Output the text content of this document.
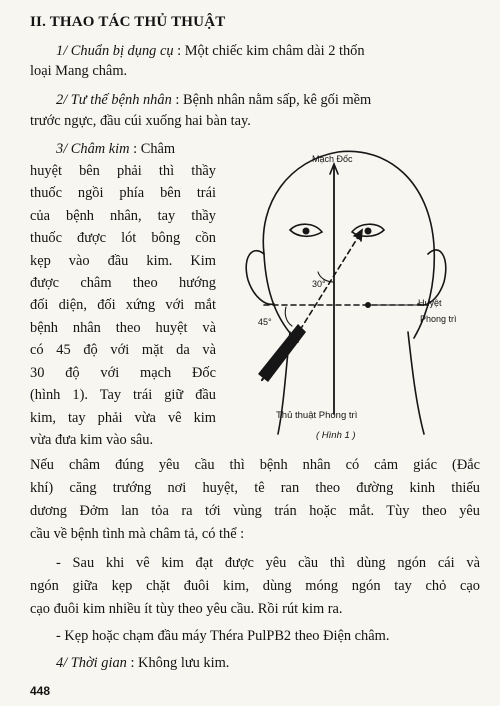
II. THAO TÁC THỦ THUẬT
1/ Chuẩn bị dụng cụ : Một chiếc kim châm dài 2 thốn
loại Mang châm.
2/ Tư thế bệnh nhân : Bệnh nhân nằm sấp, kê gối mềm
trước ngực, đầu cúi xuống hai bàn tay.
3/ Châm kim : Châm
huyệt bên phải thì thầy
thuốc ngồi phía bên trái
của bệnh nhân, tay thầy
thuốc được lót bông cồn
kẹp vào đầu kim. Kim
được châm theo hướng
đối diện, đối xứng với mắt
bệnh nhân theo huyệt và
có 45 độ với mặt da và
30 độ với mạch Đốc
(hình 1). Tay trái giữ đầu
kim, tay phải vừa vê kim
vừa đưa kim vào sâu.
Nếu châm đúng yêu cầu thì bệnh nhân có cảm giác (Đắc
khí) căng trướng nơi huyệt, tê ran theo đường kinh thiếu
dương Đởm lan tỏa ra tới vùng trán hoặc mắt. Tùy theo yêu
cầu về bệnh tình mà châm tả, có thể :
- Sau khi vê kim đạt được yêu cầu thì dùng ngón cái và
ngón giữa kẹp chặt đuôi kim, dùng móng ngón tay chỏ cạo
cạo đuôi kim nhiều ít tùy theo yêu cầu. Rồi rút kim ra.
- Kẹp hoặc chạm đầu máy Théra PulPB2 theo Điện châm.
4/ Thời gian : Không lưu kim.
448
Mạch Đốc
30°
45°
Huyệt
Phong trì
Thủ thuật Phong trì
( Hình 1 )
